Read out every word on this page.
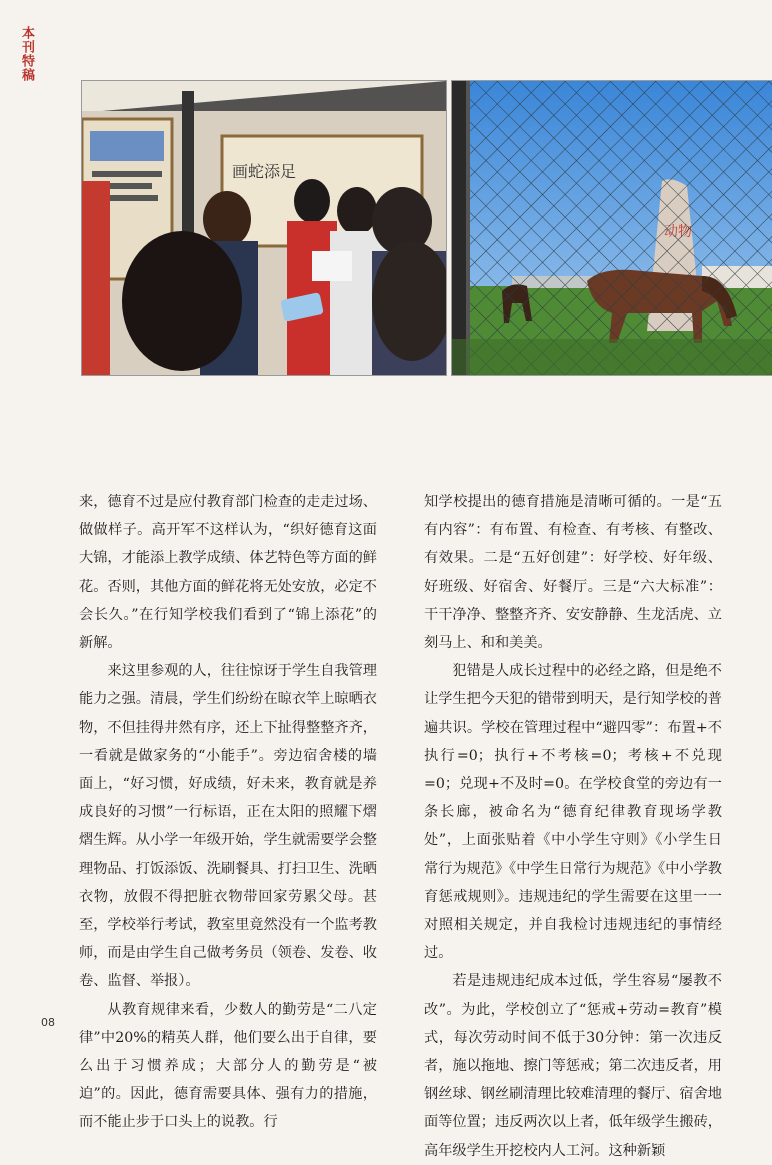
本刊特稿
画蛇添足

来，德育不过是应付教育部门检查的走走过场、做做样子。高开军不这样认为，“织好德育这面大锦，才能添上教学成绩、体艺特色等方面的鲜花。否则，其他方面的鲜花将无处安放，必定不会长久。”在行知学校我们看到了“锦上添花”的新解。

来这里参观的人，往往惊讶于学生自我管理能力之强。清晨，学生们纷纷在晾衣竿上晾晒衣物，不但挂得井然有序，还上下扯得整整齐齐，一看就是做家务的“小能手”。旁边宿舍楼的墙面上，“好习惯，好成绩，好未来，教育就是养成良好的习惯”一行标语，正在太阳的照耀下熠熠生辉。从小学一年级开始，学生就需要学会整理物品、打饭添饭、洗刷餐具、打扫卫生、洗晒衣物，放假不得把脏衣物带回家劳累父母。甚至，学校举行考试，教室里竟然没有一个监考教师，而是由学生自己做考务员（领卷、发卷、收卷、监督、举报）。

从教育规律来看，少数人的勤劳是“二八定律”中20%的精英人群，他们要么出于自律，要么出于习惯养成；大部分人的勤劳是“被迫”的。因此，德育需要具体、强有力的措施，而不能止步于口头上的说教。行

知学校提出的德育措施是清晰可循的。一是“五有内容”：有布置、有检查、有考核、有整改、有效果。二是“五好创建”：好学校、好年级、好班级、好宿舍、好餐厅。三是“六大标准”：干干净净、整整齐齐、安安静静、生龙活虎、立刻马上、和和美美。

犯错是人成长过程中的必经之路，但是绝不让学生把今天犯的错带到明天，是行知学校的普遍共识。学校在管理过程中“避四零”：布置+不执行=0；执行+不考核=0；考核+不兑现=0；兑现+不及时=0。在学校食堂的旁边有一条长廊，被命名为“德育纪律教育现场学教处”，上面张贴着《中小学生守则》《小学生日常行为规范》《中学生日常行为规范》《中小学教育惩戒规则》。违规违纪的学生需要在这里一一对照相关规定，并自我检讨违规违纪的事情经过。

若是违规违纪成本过低，学生容易“屡教不改”。为此，学校创立了“惩戒+劳动=教育”模式，每次劳动时间不低于30分钟：第一次违反者，施以拖地、擦门等惩戒；第二次违反者，用钢丝球、钢丝刷清理比较难清理的餐厅、宿舍地面等位置；违反两次以上者，低年级学生搬砖，高年级学生开挖校内人工河。这种新颖

08
